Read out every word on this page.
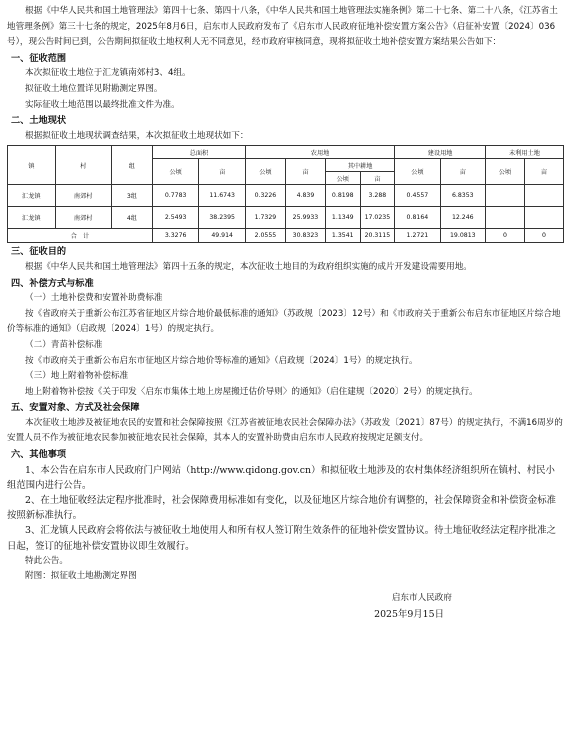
根据《中华人民共和国土地管理法》第四十七条、第四十八条，《中华人民共和国土地管理法实施条例》第二十七条、第二十八条，《江苏省土地管理条例》第三十七条的规定，2025年8月6日，启东市人民政府发布了《启东市人民政府征地补偿安置方案公告》（启征补安置〔2024〕036号），现公告时间已到，公告期间拟征收土地权利人无不同意见，经市政府审核同意，现将拟征收土地补偿安置方案结果公告如下：

一、征收范围

本次拟征收土地位于汇龙镇南郊村3、4组。

拟征收土地位置详见附勘测定界图。

实际征收土地范围以最终批准文件为准。

二、土地现状

根据拟征收土地现状调查结果，本次拟征收土地现状如下：

镇	村	组	总面积		农用地				建设用地		未利用土地	
			公顷	亩	公顷	亩	其中耕地		公顷	亩	公顷	亩
							公顷	亩				
汇龙镇	南郊村	3组	0.7783	11.6743	0.3226	4.839	0.8198	3.288	0.4557	6.8353		
汇龙镇	南郊村	4组	2.5493	38.2395	1.7329	25.9933	1.1349	17.0235	0.8164	12.246		
合　计			3.3276	49.914	2.0555	30.8323	1.3541	20.3115	1.2721	19.0813	0	0
三、征收目的

根据《中华人民共和国土地管理法》第四十五条的规定，本次征收土地目的为政府组织实施的成片开发建设需要用地。

四、补偿方式与标准

（一）土地补偿费和安置补助费标准

按《省政府关于重新公布江苏省征地区片综合地价最低标准的通知》（苏政规〔2023〕12号）和《市政府关于重新公布启东市征地区片综合地价等标准的通知》（启政规〔2024〕1号）的规定执行。

（二）青苗补偿标准

按《市政府关于重新公布启东市征地区片综合地价等标准的通知》（启政规〔2024〕1号）的规定执行。

（三）地上附着物补偿标准

地上附着物补偿按《关于印发〈启东市集体土地上房屋搬迁估价导则〉的通知》（启住建规〔2020〕2号）的规定执行。

五、安置对象、方式及社会保障

本次征收土地涉及被征地农民的安置和社会保障按照《江苏省被征地农民社会保障办法》（苏政发〔2021〕87号）的规定执行，不满16周岁的安置人员不作为被征地农民参加被征地农民社会保障，其本人的安置补助费由启东市人民政府按规定足额支付。

六、其他事项

1、本公告在启东市人民政府门户网站（http://www.qidong.gov.cn）和拟征收土地涉及的农村集体经济组织所在镇村、村民小组范围内进行公告。

2、在土地征收经法定程序批准时，社会保障费用标准如有变化，以及征地区片综合地价有调整的，社会保障资金和补偿资金标准按照新标准执行。

3、汇龙镇人民政府会将依法与被征收土地使用人和所有权人签订附生效条件的征地补偿安置协议。待土地征收经法定程序批准之日起，签订的征地补偿安置协议即生效履行。

特此公告。

附图：拟征收土地勘测定界图

启东市人民政府

2025年9月15日
